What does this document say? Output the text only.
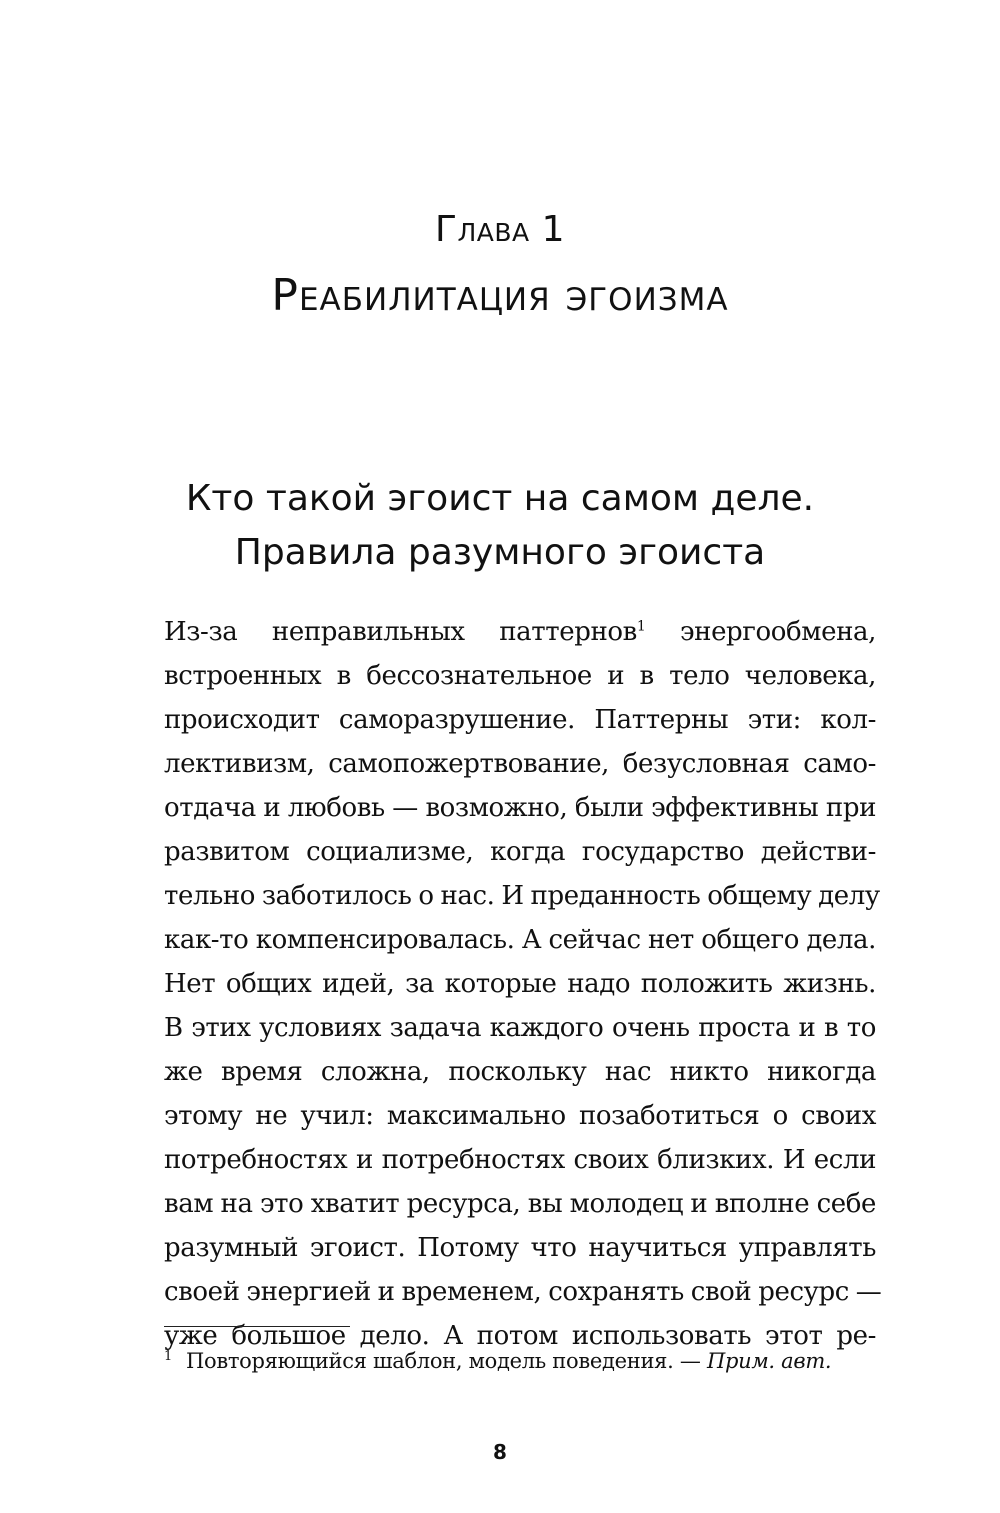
Глава 1
Реабилитация эгоизма
Кто такой эгоист на самом деле.
Правила разумного эгоиста
Из-за неправильных паттернов$^1$ энергообмена,
встроенных в бессознательное и в тело человека,
происходит саморазрушение. Паттерны эти: кол-
лективизм, самопожертвование, безусловная само-
отдача и любовь — возможно, были эффективны при
развитом социализме, когда государство действи-
тельно заботилось о нас. И преданность общему делу
как-то компенсировалась. А сейчас нет общего дела.
Нет общих идей, за которые надо положить жизнь.
В этих условиях задача каждого очень проста и в то
же время сложна, поскольку нас никто никогда
этому не учил: максимально позаботиться о своих
потребностях и потребностях своих близких. И если
вам на это хватит ресурса, вы молодец и вполне себе
разумный эгоист. Потому что научиться управлять
своей энергией и временем, сохранять свой ресурс —
уже большое дело. А потом использовать этот ре-
$^1$ Повторяющийся шаблон, модель поведения. — Прим. авт.
8
